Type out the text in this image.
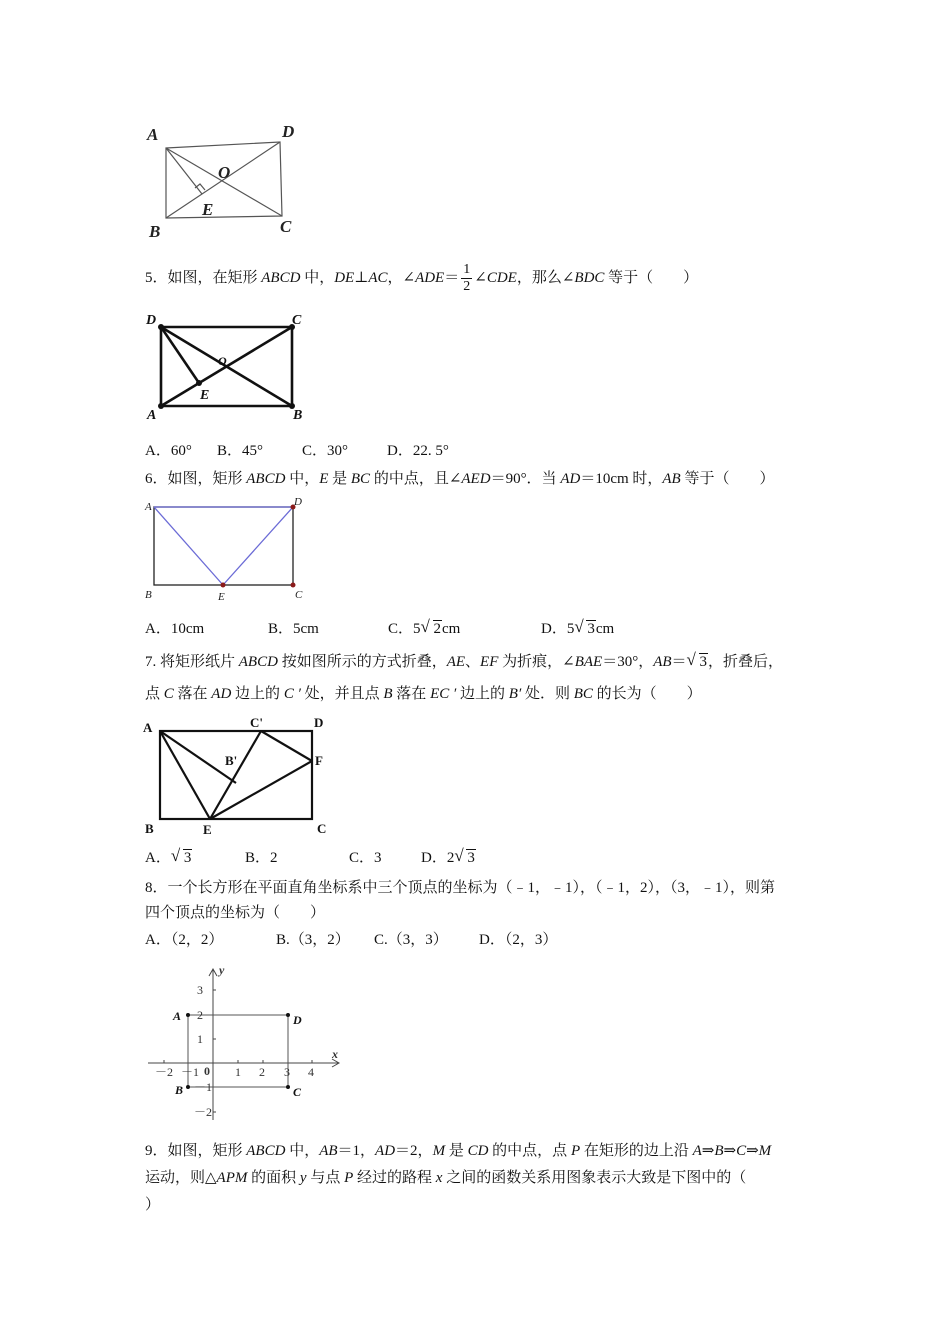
A	D
O
E
B	C
5．如图，在矩形 ABCD 中，DE⊥AC，∠ADE＝ $\frac{1}{2}$ ∠CDE，那么∠BDC 等于（　　）
D	C
O
E
A	B
A．60° B．45°	C．30°	D．22. 5°
6．如图，矩形 ABCD 中，E 是 BC 的中点，且∠AED＝90°．当 AD＝10cm 时，AB 等于（　　）
A	D
B	E	C
A．10cm	B．5cm	C．5 √ 2cm	D．5 √ 3cm
7. 将矩形纸片 ABCD 按如图所示的方式折叠，AE、EF 为折痕，∠BAE＝30°，AB＝ √ 3，折叠后，
点 C 落在 AD 边上的 C ′ 处，并且点 B 落在 EC ′ 边上的 B′ 处．则 BC 的长为（　　）
A	C'	D
B'	F
B	E	C
A． √ 3	B．2	C．3	D．2 √ 3
8．一个长方形在平面直角坐标系中三个顶点的坐标为（﹣1，﹣1），（﹣1，2），（3，﹣1），则第
四个顶点的坐标为（　　）
A．（2，2）	B.（3，2） C.（3，3） D．（2，3）
x
y
0
－2 －1	1 2 3 4
3
2
1
－1
－2
A	D
B	C
9．如图，矩形 ABCD 中，AB＝1，AD＝2，M 是 CD 的中点，点 P 在矩形的边上沿 A⇒B⇒C⇒M
运动，则△APM 的面积 y 与点 P 经过的路程 x 之间的函数关系用图象表示大致是下图中的（
）
